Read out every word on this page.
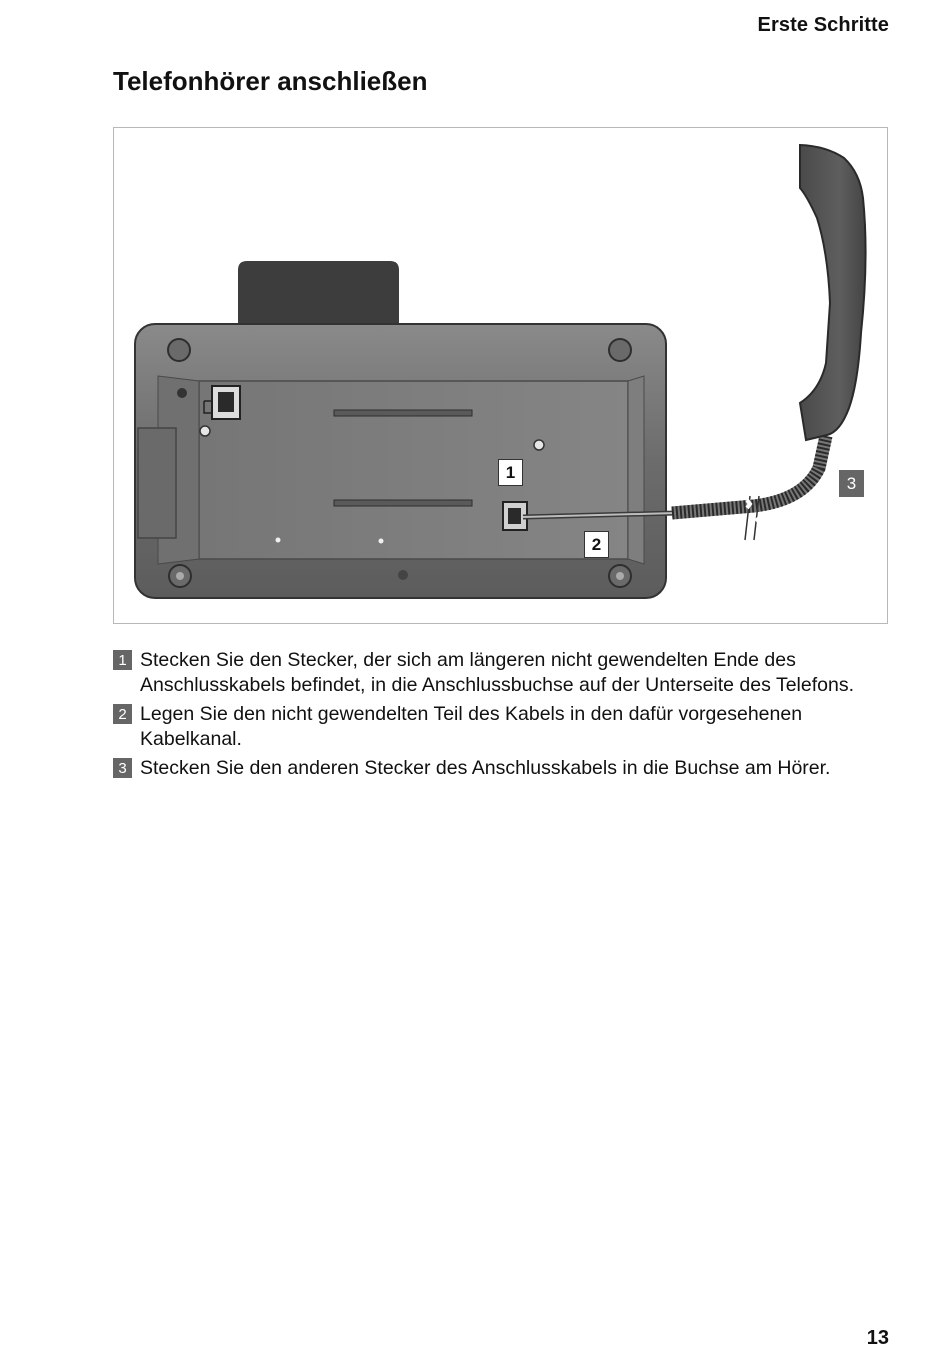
Erste Schritte
Telefonhörer anschließen
1
2
3
1 Stecken Sie den Stecker, der sich am längeren nicht gewendelten Ende des Anschlusskabels befindet, in die Anschlussbuchse auf der Unterseite des Telefons.
2 Legen Sie den nicht gewendelten Teil des Kabels in den dafür vorgesehenen Kabelkanal.
3 Stecken Sie den anderen Stecker des Anschlusskabels in die Buchse am Hörer.
13
